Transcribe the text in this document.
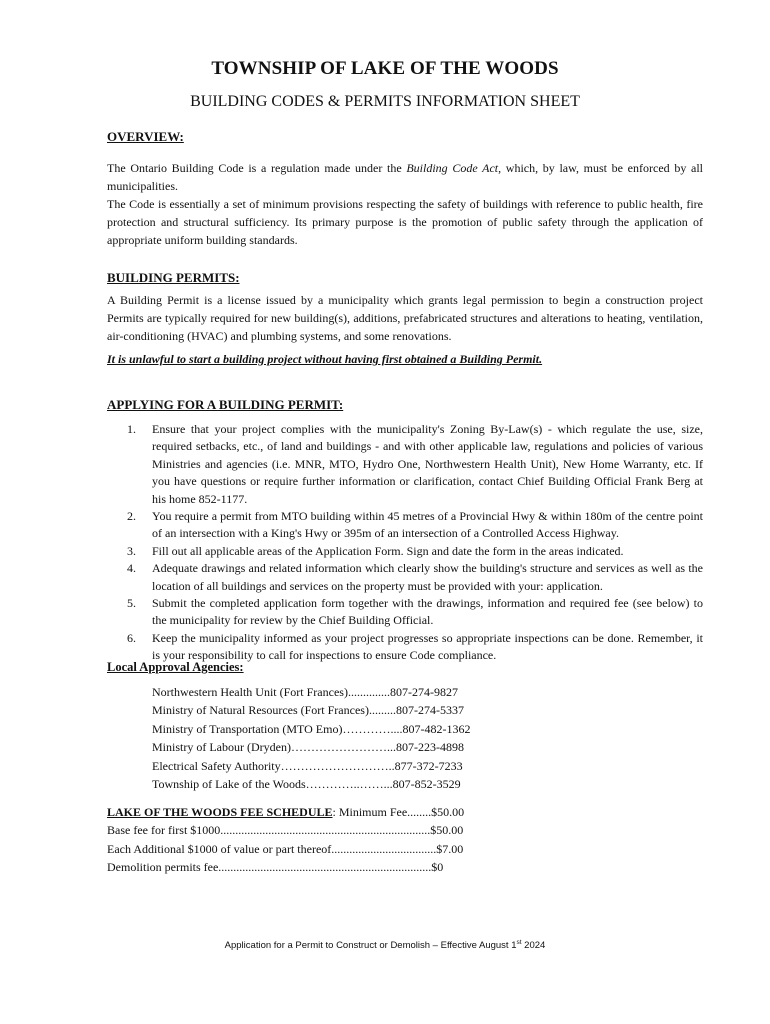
TOWNSHIP OF LAKE OF THE WOODS
BUILDING CODES & PERMITS INFORMATION SHEET
OVERVIEW:
The Ontario Building Code is a regulation made under the Building Code Act, which, by law, must be enforced by all municipalities.
The Code is essentially a set of minimum provisions respecting the safety of buildings with reference to public health, fire protection and structural sufficiency. Its primary purpose is the promotion of public safety through the application of appropriate uniform building standards.
BUILDING PERMITS:
A Building Permit is a license issued by a municipality which grants legal permission to begin a construction project Permits are typically required for new building(s), additions, prefabricated structures and alterations to heating, ventilation, air-conditioning (HVAC) and plumbing systems, and some renovations.
It is unlawful to start a building project without having first obtained a Building Permit.
APPLYING FOR A BUILDING PERMIT:
1. Ensure that your project complies with the municipality's Zoning By-Law(s) - which regulate the use, size, required setbacks, etc., of land and buildings - and with other applicable law, regulations and policies of various Ministries and agencies (i.e. MNR, MTO, Hydro One, Northwestern Health Unit), New Home Warranty, etc. If you have questions or require further information or clarification, contact Chief Building Official Frank Berg at his home 852-1177.
2. You require a permit from MTO building within 45 metres of a Provincial Hwy & within 180m of the centre point of an intersection with a King's Hwy or 395m of an intersection of a Controlled Access Highway.
3. Fill out all applicable areas of the Application Form. Sign and date the form in the areas indicated.
4. Adequate drawings and related information which clearly show the building's structure and services as well as the location of all buildings and services on the property must be provided with your: application.
5. Submit the completed application form together with the drawings, information and required fee (see below) to the municipality for review by the Chief Building Official.
6. Keep the municipality informed as your project progresses so appropriate inspections can be done. Remember, it is your responsibility to call for inspections to ensure Code compliance.
Local Approval Agencies:
Northwestern Health Unit (Fort Frances)..............807-274-9827
Ministry of Natural Resources (Fort Frances).........807-274-5337
Ministry of Transportation (MTO Emo)…………....807-482-1362
Ministry of Labour (Dryden)……………………...807-223-4898
Electrical Safety Authority………………………..877-372-7233
Township of Lake of the Woods…………..……...807-852-3529
LAKE OF THE WOODS FEE SCHEDULE: Minimum Fee........$50.00
Base fee for first $1000......................................................................$50.00
Each Additional $1000 of value or part thereof...................................$7.00
Demolition permits fee.......................................................................$0
Application for a Permit to Construct or Demolish – Effective August 1st 2024
